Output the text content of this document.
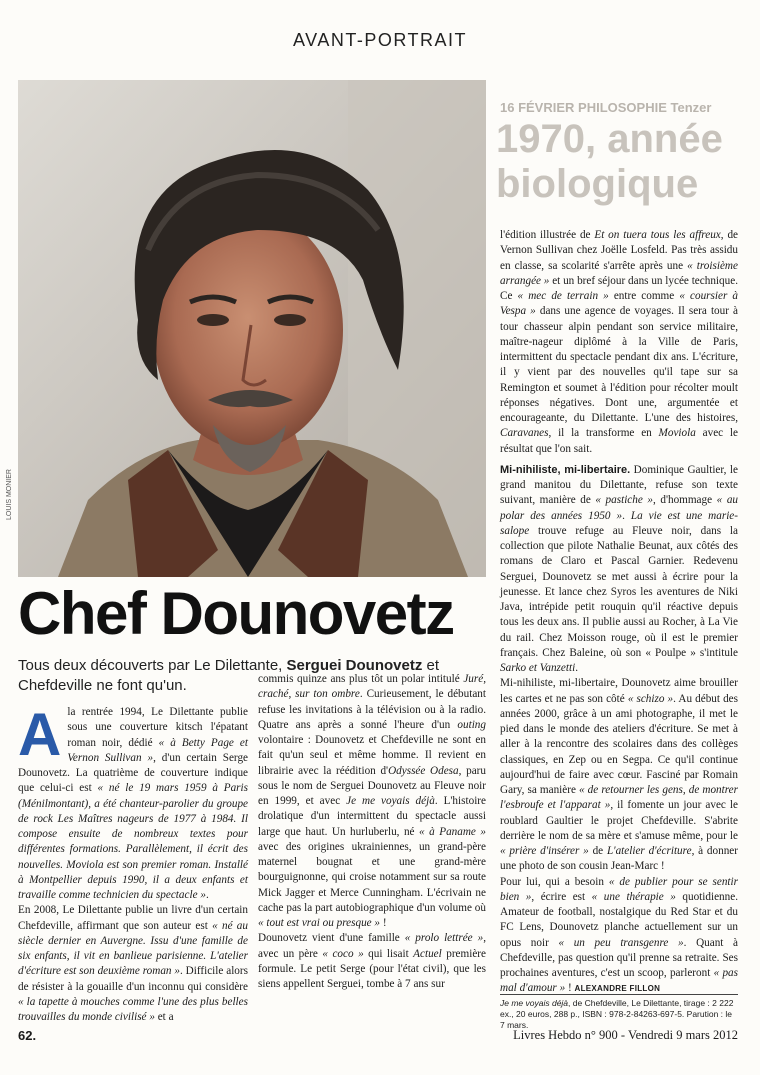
AVANT-PORTRAIT
16 FÉVRIER PHILOSOPHIE Tenzer
1970, année biologique
LOUIS MONIER
Chef Dounovetz
Tous deux découverts par Le Dilettante, Serguei Dounovetz et Chefdeville ne font qu'un.

Ala rentrée 1994, Le Dilettante publie sous une couverture kitsch l'épatant roman noir, dédié « à Betty Page et Vernon Sullivan », d'un certain Serge Dounovetz. La quatrième de couverture indique que celui-ci est « né le 19 mars 1959 à Paris (Ménilmontant), a été chanteur-parolier du groupe de rock Les Maîtres nageurs de 1977 à 1984. Il compose ensuite de nombreux textes pour différentes formations. Parallèlement, il écrit des nouvelles. Moviola est son premier roman. Installé à Montpellier depuis 1990, il a deux enfants et travaille comme technicien du spectacle ».

En 2008, Le Dilettante publie un livre d'un certain Chefdeville, affirmant que son auteur est « né au siècle dernier en Auvergne. Issu d'une famille de six enfants, il vit en banlieue parisienne. L'atelier d'écriture est son deuxième roman ». Difficile alors de résister à la gouaille d'un inconnu qui considère « la tapette à mouches comme l'une des plus belles trouvailles du monde civilisé » et a

commis quinze ans plus tôt un polar intitulé Juré, craché, sur ton ombre. Curieusement, le débutant refuse les invitations à la télévision ou à la radio. Quatre ans après a sonné l'heure d'un outing volontaire : Dounovetz et Chefdeville ne sont en fait qu'un seul et même homme. Il revient en librairie avec la réédition d'Odyssée Odesa, paru sous le nom de Serguei Dounovetz au Fleuve noir en 1999, et avec Je me voyais déjà. L'histoire drolatique d'un intermittent du spectacle aussi large que haut. Un hurluberlu, né « à Paname » avec des origines ukrainiennes, un grand-père maternel bougnat et une grand-mère bourguignonne, qui croise notamment sur sa route Mick Jagger et Merce Cunningham. L'écrivain ne cache pas la part autobiographique d'un volume où « tout est vrai ou presque » !

Dounovetz vient d'une famille « prolo lettrée », avec un père « coco » qui lisait Actuel première formule. Le petit Serge (pour l'état civil), que les siens appellent Serguei, tombe à 7 ans sur

l'édition illustrée de Et on tuera tous les affreux, de Vernon Sullivan chez Joëlle Losfeld. Pas très assidu en classe, sa scolarité s'arrête après une « troisième arrangée » et un bref séjour dans un lycée technique. Ce « mec de terrain » entre comme « coursier à Vespa » dans une agence de voyages. Il sera tour à tour chasseur alpin pendant son service militaire, maître-nageur diplômé à la Ville de Paris, intermittent du spectacle pendant dix ans. L'écriture, il y vient par des nouvelles qu'il tape sur sa Remington et soumet à l'édition pour récolter moult réponses négatives. Dont une, argumentée et encourageante, du Dilettante. L'une des histoires, Caravanes, il la transforme en Moviola avec le résultat que l'on sait.

Mi-nihiliste, mi-libertaire. Dominique Gaultier, le grand manitou du Dilettante, refuse son texte suivant, manière de « pastiche », d'hommage « au polar des années 1950 ». La vie est une marie-salope trouve refuge au Fleuve noir, dans la collection que pilote Nathalie Beunat, aux côtés des romans de Claro et Pascal Garnier. Redevenu Serguei, Dounovetz se met aussi à écrire pour la jeunesse. Et lance chez Syros les aventures de Niki Java, intrépide petit rouquin qu'il réactive depuis tous les deux ans. Il publie aussi au Rocher, à La Vie du rail. Chez Moisson rouge, où il est le premier français. Chez Baleine, où son « Poulpe » s'intitule Sarko et Vanzetti.

Mi-nihiliste, mi-libertaire, Dounovetz aime brouiller les cartes et ne pas son côté « schizo ». Au début des années 2000, grâce à un ami photographe, il met le pied dans le monde des ateliers d'écriture. Se met à aller à la rencontre des scolaires dans des collèges classiques, en Zep ou en Segpa. Ce qu'il continue aujourd'hui de faire avec cœur. Fasciné par Romain Gary, sa manière « de retourner les gens, de montrer l'esbroufe et l'apparat », il fomente un jour avec le roublard Gaultier le projet Chefdeville. S'abrite derrière le nom de sa mère et s'amuse même, pour le « prière d'insérer » de L'atelier d'écriture, à donner une photo de son cousin Jean-Marc !

Pour lui, qui a besoin « de publier pour se sentir bien », écrire est « une thérapie » quotidienne. Amateur de football, nostalgique du Red Star et du FC Lens, Dounovetz planche actuellement sur un opus noir « un peu transgenre ». Quant à Chefdeville, pas question qu'il prenne sa retraite. Ses prochaines aventures, c'est un scoop, parleront « pas mal d'amour » ! ALEXANDRE FILLON

Je me voyais déjà, de Chefdeville, Le Dilettante, tirage : 2 222 ex., 20 euros, 288 p., ISBN : 978-2-84263-697-5. Parution : le 7 mars.
62.	Livres Hebdo n° 900 - Vendredi 9 mars 2012
